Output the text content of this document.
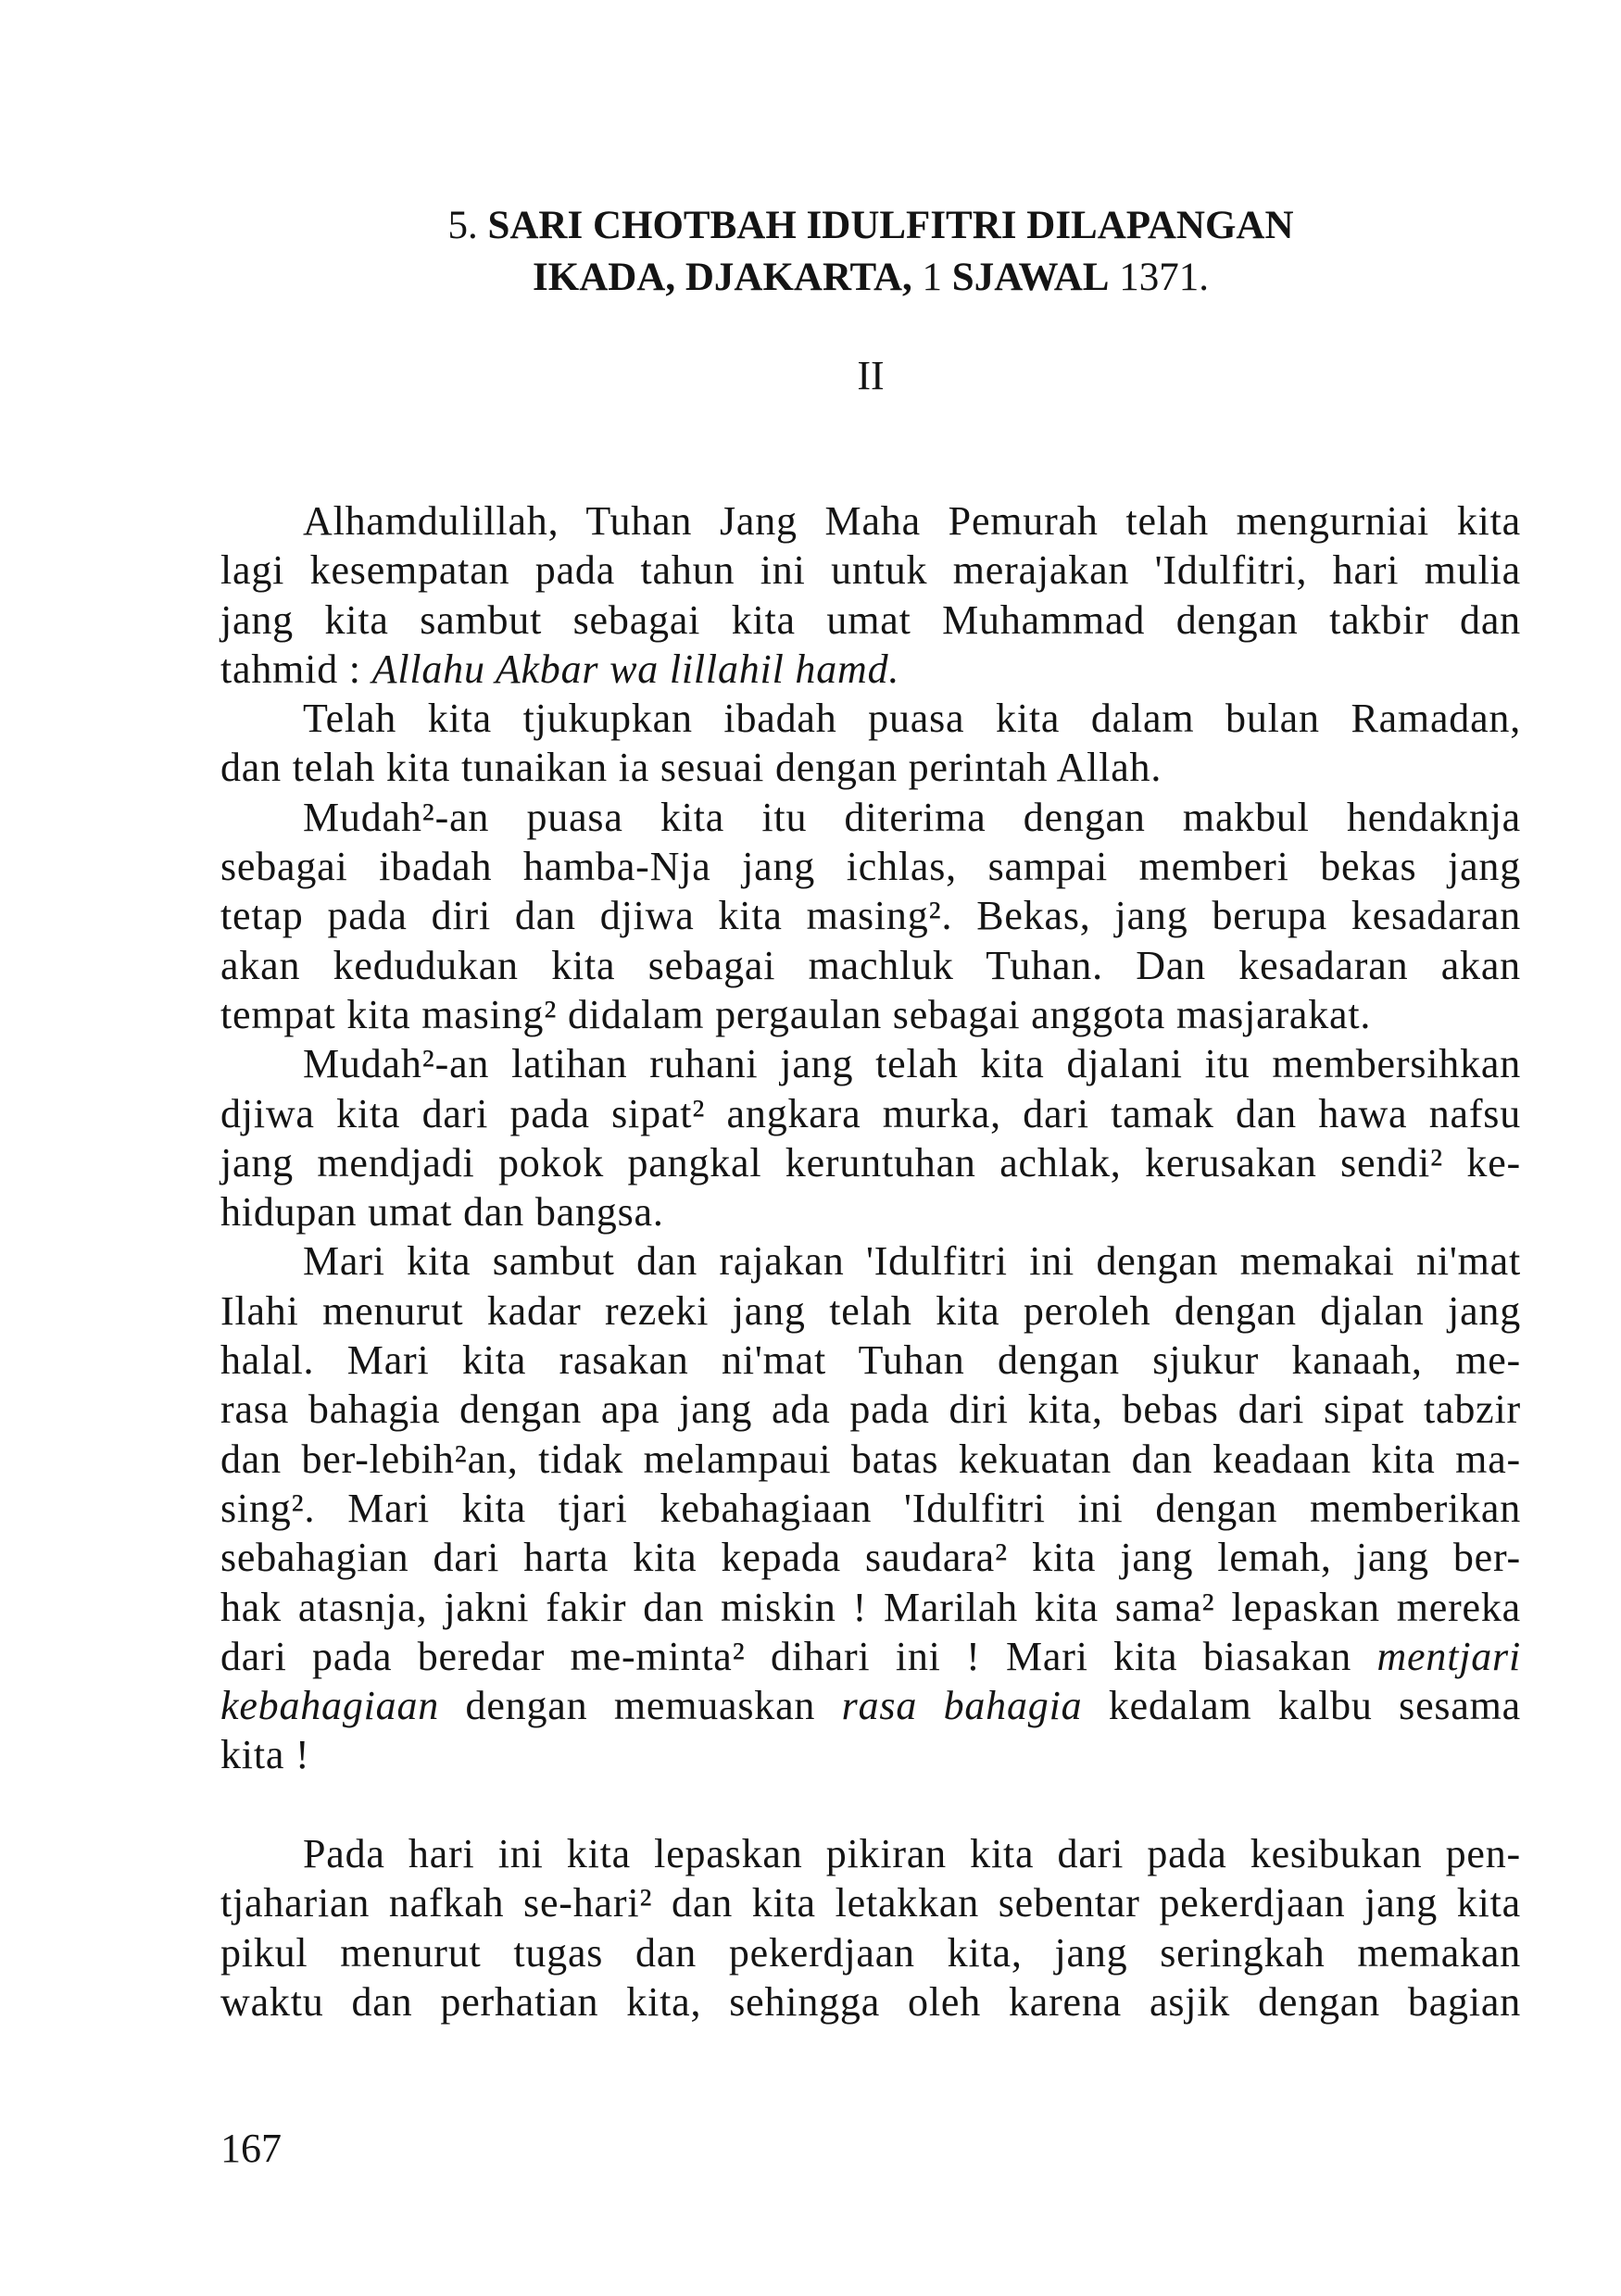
5. SARI CHOTBAH IDULFITRI DILAPANGAN
IKADA, DJAKARTA, 1 SJAWAL 1371.
II
Alhamdulillah, Tuhan Jang Maha Pemurah telah mengurniai kita
lagi kesempatan pada tahun ini untuk merajakan 'Idulfitri, hari mulia
jang kita sambut sebagai kita umat Muhammad dengan takbir dan
tahmid : Allahu Akbar wa lillahil hamd.
Telah kita tjukupkan ibadah puasa kita dalam bulan Ramadan,
dan telah kita tunaikan ia sesuai dengan perintah Allah.
Mudah²-an puasa kita itu diterima dengan makbul hendaknja
sebagai ibadah hamba-Nja jang ichlas, sampai memberi bekas jang
tetap pada diri dan djiwa kita masing². Bekas, jang berupa kesadaran
akan kedudukan kita sebagai machluk Tuhan. Dan kesadaran akan
tempat kita masing² didalam pergaulan sebagai anggota masjarakat.
Mudah²-an latihan ruhani jang telah kita djalani itu membersihkan
djiwa kita dari pada sipat² angkara murka, dari tamak dan hawa nafsu
jang mendjadi pokok pangkal keruntuhan achlak, kerusakan sendi² ke-
hidupan umat dan bangsa.
Mari kita sambut dan rajakan 'Idulfitri ini dengan memakai ni'mat
Ilahi menurut kadar rezeki jang telah kita peroleh dengan djalan jang
halal. Mari kita rasakan ni'mat Tuhan dengan sjukur kanaah, me-
rasa bahagia dengan apa jang ada pada diri kita, bebas dari sipat tabzir
dan ber-lebih²an, tidak melampaui batas kekuatan dan keadaan kita ma-
sing². Mari kita tjari kebahagiaan 'Idulfitri ini dengan memberikan
sebahagian dari harta kita kepada saudara² kita jang lemah, jang ber-
hak atasnja, jakni fakir dan miskin ! Marilah kita sama² lepaskan mereka
dari pada beredar me-minta² dihari ini ! Mari kita biasakan mentjari
kebahagiaan dengan memuaskan rasa bahagia kedalam kalbu sesama
kita !
Pada hari ini kita lepaskan pikiran kita dari pada kesibukan pen-
tjaharian nafkah se-hari² dan kita letakkan sebentar pekerdjaan jang kita
pikul menurut tugas dan pekerdjaan kita, jang seringkah memakan
waktu dan perhatian kita, sehingga oleh karena asjik dengan bagian
167
